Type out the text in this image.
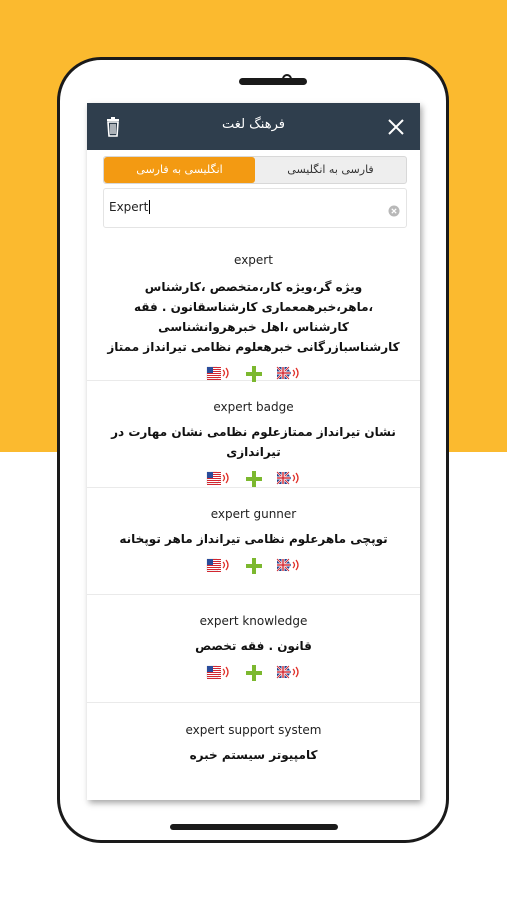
فرهنگ لغت
انگلیسی به فارسی	فارسی به انگلیسی
Expert

expert

ویژه گر،ویژه کار،متخصص ،کارشناس ،ماهر،خبرهمعماری کارشناسقانون . فقه کارشناس ،اهل خبرهروانشناسی کارشناسبازرگانی خبرهعلوم نظامی تیرانداز ممتاز

expert badge

نشان تیرانداز ممتازعلوم نظامی نشان مهارت در تیراندازی

expert gunner

توپچی ماهرعلوم نظامی تیرانداز ماهر توپخانه

expert knowledge

قانون . فقه تخصص

expert support system

کامپیوتر سیستم خبره
